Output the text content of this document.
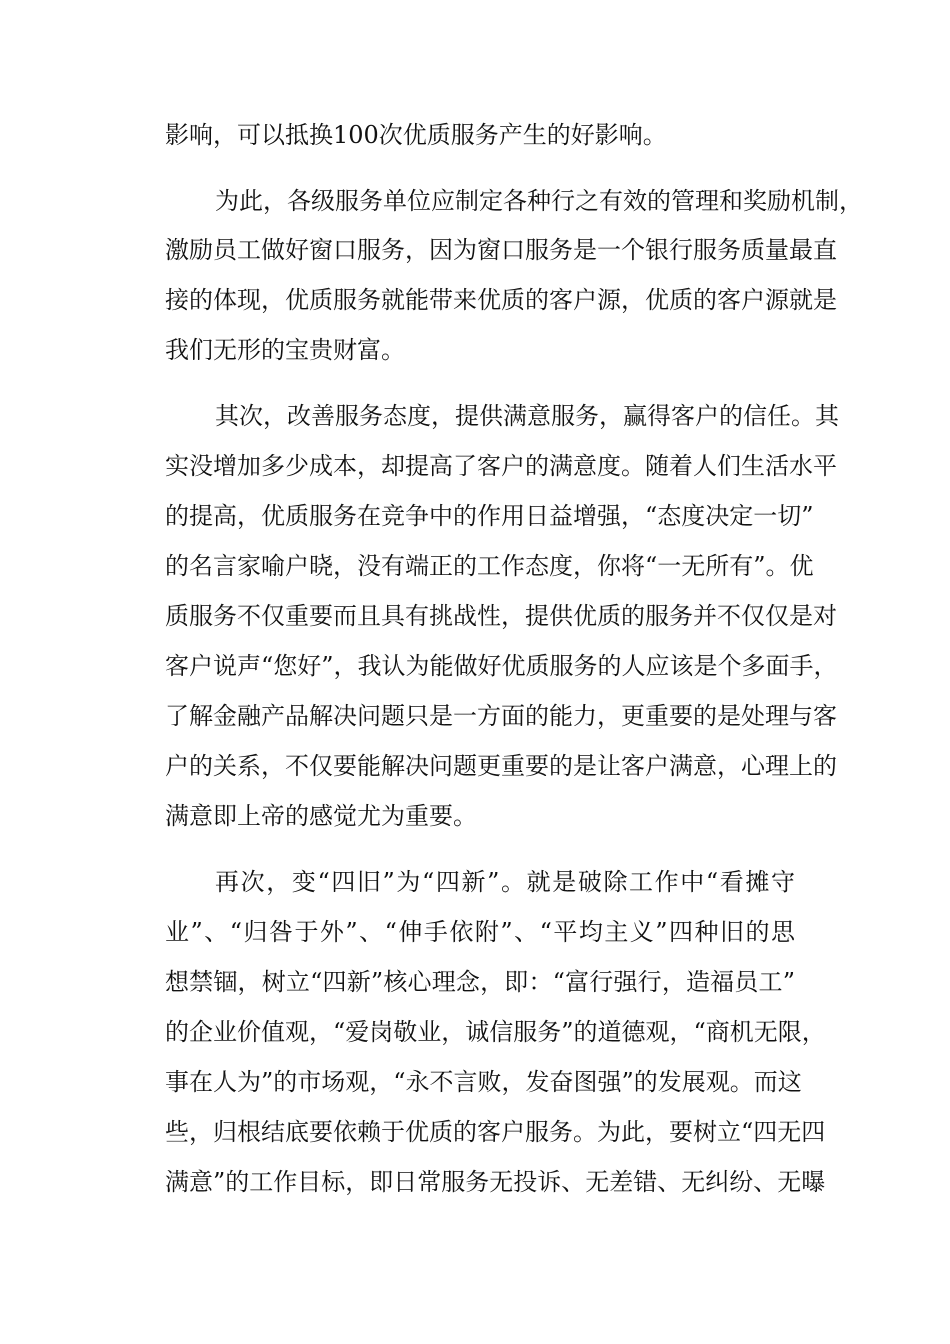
影响，可以抵换100次优质服务产生的好影响。
为此，各级服务单位应制定各种行之有效的管理和奖励机制，
激励员工做好窗口服务，因为窗口服务是一个银行服务质量最直
接的体现，优质服务就能带来优质的客户源，优质的客户源就是
我们无形的宝贵财富。
其次，改善服务态度，提供满意服务，赢得客户的信任。其
实没增加多少成本，却提高了客户的满意度。随着人们生活水平
的提高，优质服务在竞争中的作用日益增强，“态度决定一切”
的名言家喻户晓，没有端正的工作态度，你将“一无所有”。优
质服务不仅重要而且具有挑战性，提供优质的服务并不仅仅是对
客户说声“您好”，我认为能做好优质服务的人应该是个多面手，
了解金融产品解决问题只是一方面的能力，更重要的是处理与客
户的关系，不仅要能解决问题更重要的是让客户满意，心理上的
满意即上帝的感觉尤为重要。
再次，变“四旧”为“四新”。就是破除工作中“看摊守
业”、“归咎于外”、“伸手依附”、“平均主义”四种旧的思
想禁锢，树立“四新”核心理念，即：“富行强行，造福员工”
的企业价值观，“爱岗敬业，诚信服务”的道德观，“商机无限，
事在人为”的市场观，“永不言败，发奋图强”的发展观。而这
些，归根结底要依赖于优质的客户服务。为此，要树立“四无四
满意”的工作目标，即日常服务无投诉、无差错、无纠纷、无曝
